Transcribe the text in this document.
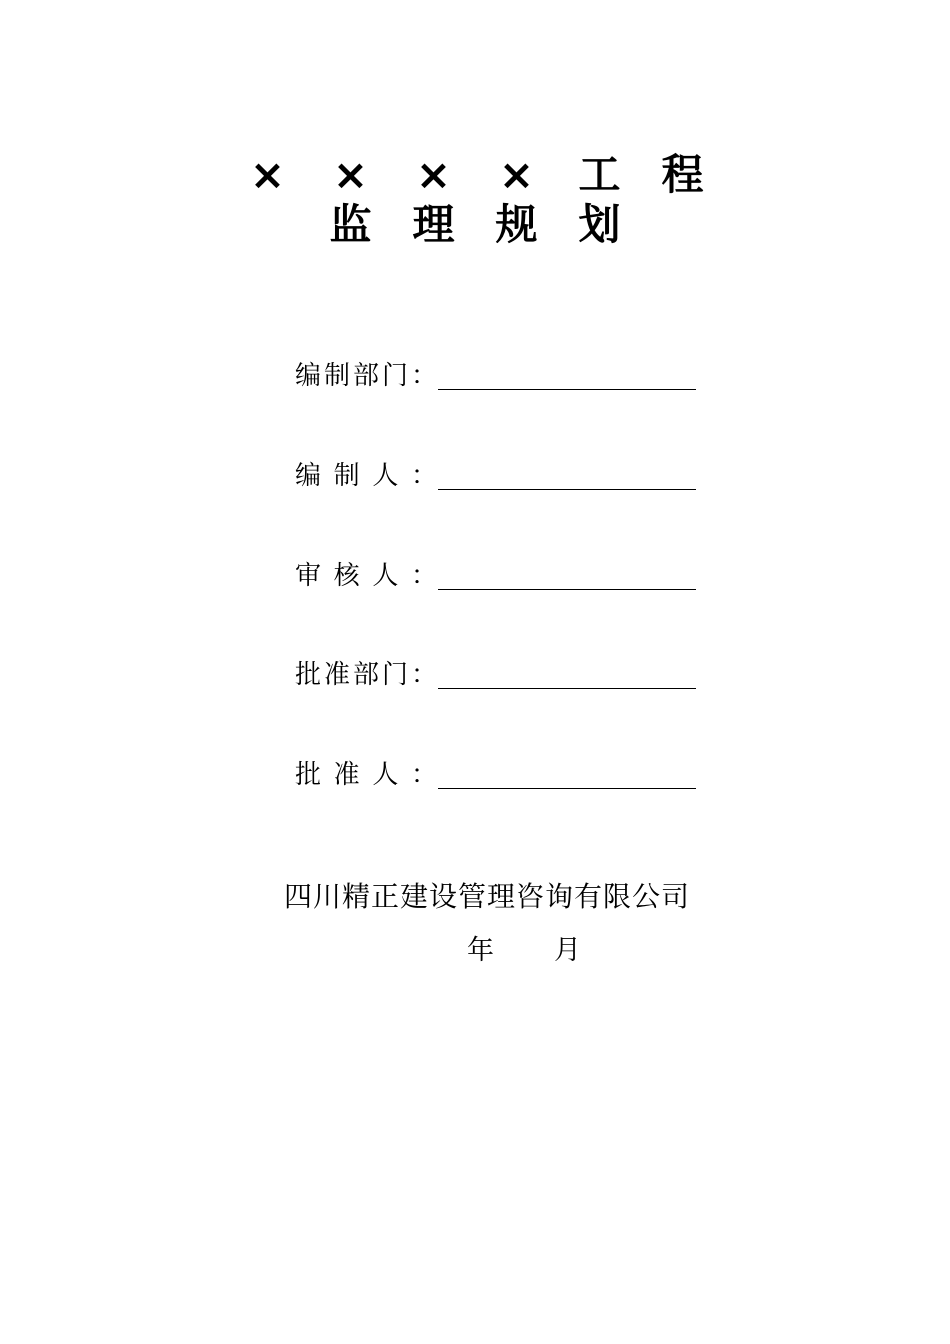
× × × × 工 程
监 理 规 划
编 制 部 门 ：
编 制 人 ：
审 核 人 ：
批 准 部 门 ：
批 准 人 ：
四川精正建设管理咨询有限公司
年 月
